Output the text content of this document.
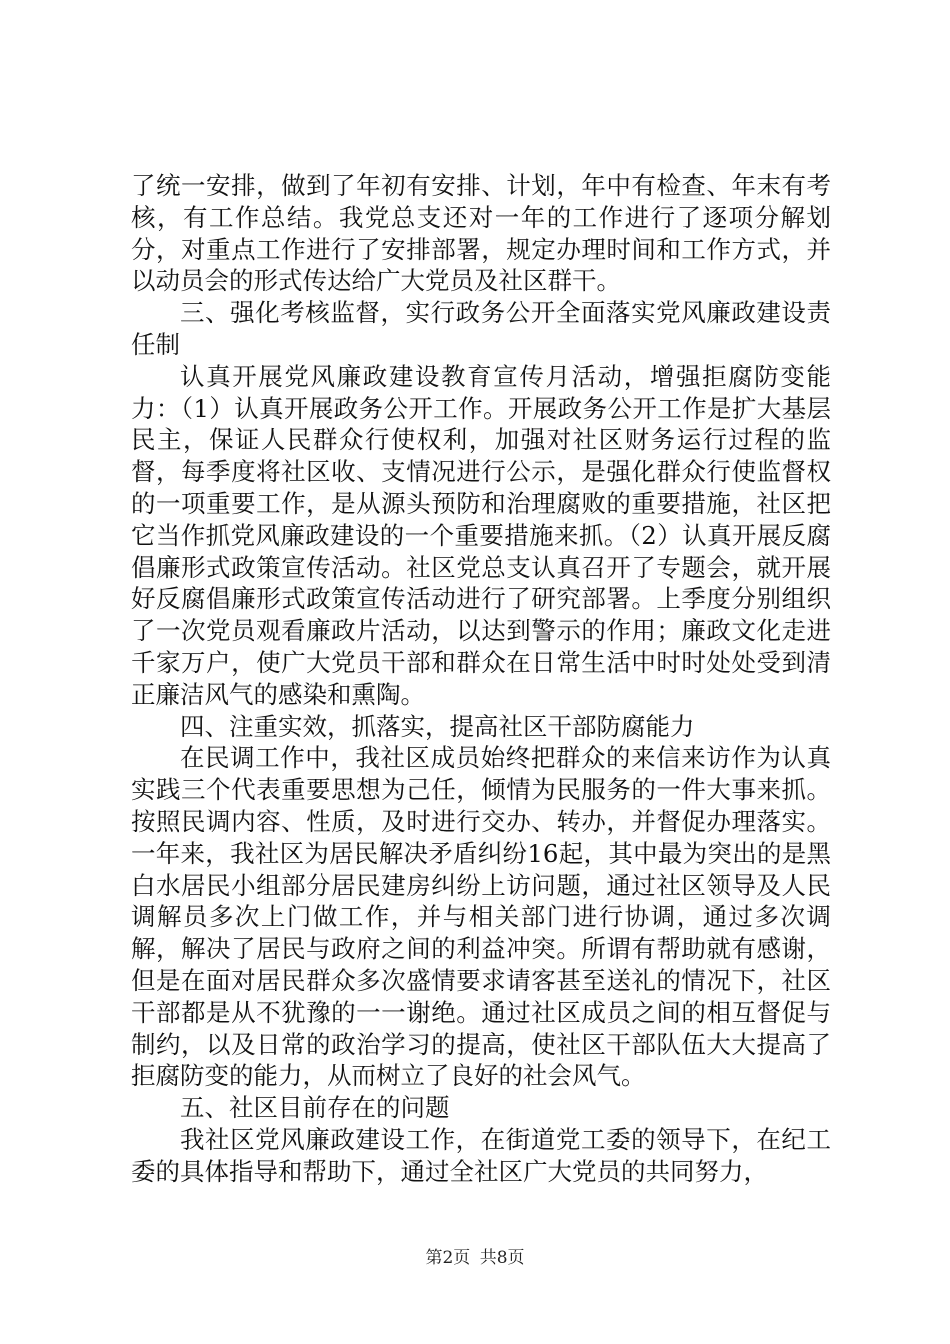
了统一安排，做到了年初有安排、计划，年中有检查、年末有考核，有工作总结。我党总支还对一年的工作进行了逐项分解划分，对重点工作进行了安排部署，规定办理时间和工作方式，并以动员会的形式传达给广大党员及社区群干。

三、强化考核监督，实行政务公开全面落实党风廉政建设责任制

认真开展党风廉政建设教育宣传月活动，增强拒腐防变能力：（1）认真开展政务公开工作。开展政务公开工作是扩大基层民主，保证人民群众行使权利，加强对社区财务运行过程的监督，每季度将社区收、支情况进行公示，是强化群众行使监督权的一项重要工作，是从源头预防和治理腐败的重要措施，社区把它当作抓党风廉政建设的一个重要措施来抓。（2）认真开展反腐倡廉形式政策宣传活动。社区党总支认真召开了专题会，就开展好反腐倡廉形式政策宣传活动进行了研究部署。上季度分别组织了一次党员观看廉政片活动，以达到警示的作用；廉政文化走进千家万户，使广大党员干部和群众在日常生活中时时处处受到清正廉洁风气的感染和熏陶。

四、注重实效，抓落实，提高社区干部防腐能力

在民调工作中，我社区成员始终把群众的来信来访作为认真实践三个代表重要思想为己任，倾情为民服务的一件大事来抓。按照民调内容、性质，及时进行交办、转办，并督促办理落实。一年来，我社区为居民解决矛盾纠纷16起，其中最为突出的是黑白水居民小组部分居民建房纠纷上访问题，通过社区领导及人民调解员多次上门做工作，并与相关部门进行协调，通过多次调解，解决了居民与政府之间的利益冲突。所谓有帮助就有感谢，但是在面对居民群众多次盛情要求请客甚至送礼的情况下，社区干部都是从不犹豫的一一谢绝。通过社区成员之间的相互督促与制约，以及日常的政治学习的提高，使社区干部队伍大大提高了拒腐防变的能力，从而树立了良好的社会风气。

五、社区目前存在的问题

我社区党风廉政建设工作，在街道党工委的领导下，在纪工委的具体指导和帮助下，通过全社区广大党员的共同努力，

第2页 共8页
